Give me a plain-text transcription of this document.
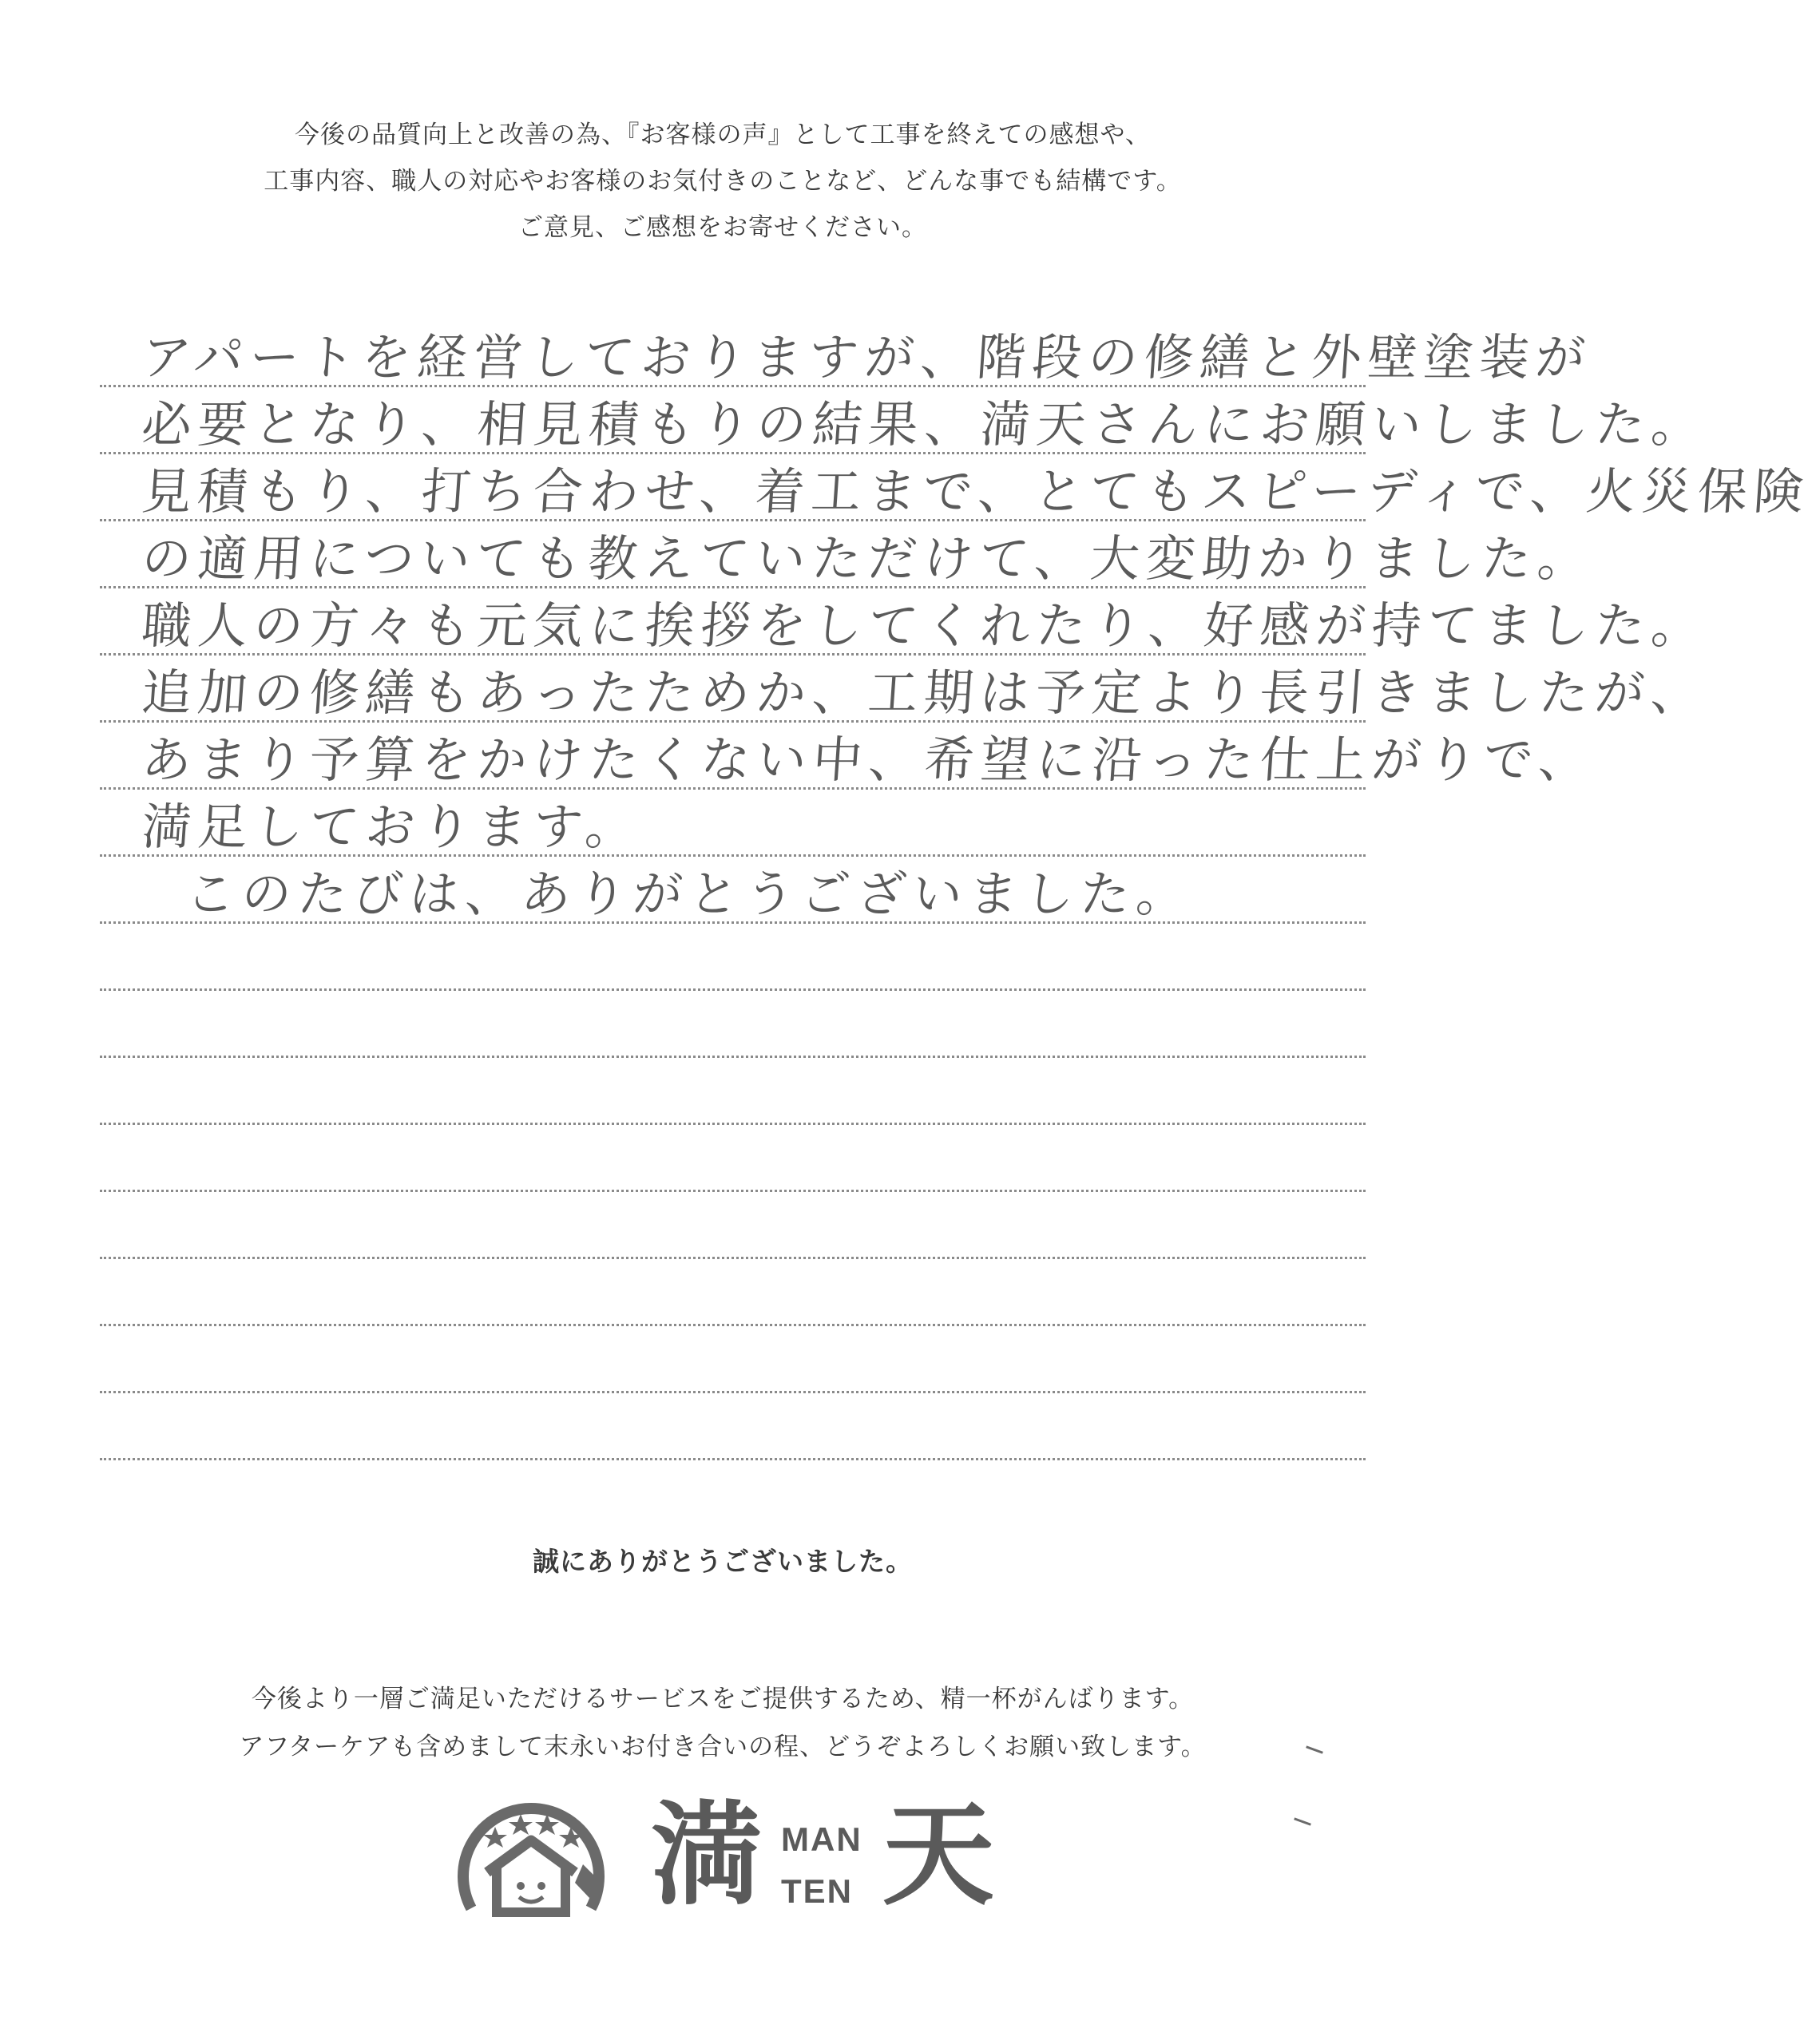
今後の品質向上と改善の為、『お客様の声』として工事を終えての感想や、
工事内容、職人の対応やお客様のお気付きのことなど、どんな事でも結構です。
ご意見、ご感想をお寄せください。
アパートを経営しておりますが、階段の修繕と外壁塗装が
必要となり、相見積もりの結果、満天さんにお願いしました。
見積もり、打ち合わせ、着工まで、とてもスピーディで、火災保険
の適用についても教えていただけて、大変助かりました。
職人の方々も元気に挨拶をしてくれたり、好感が持てました。
追加の修繕もあったためか、工期は予定より長引きましたが、
あまり予算をかけたくない中、希望に沿った仕上がりで、
満足しております。
このたびは、ありがとうございました。
誠にありがとうございました。
今後より一層ご満足いただけるサービスをご提供するため、精一杯がんばります。
アフターケアも含めまして末永いお付き合いの程、どうぞよろしくお願い致します。
満 MAN
TEN 天
